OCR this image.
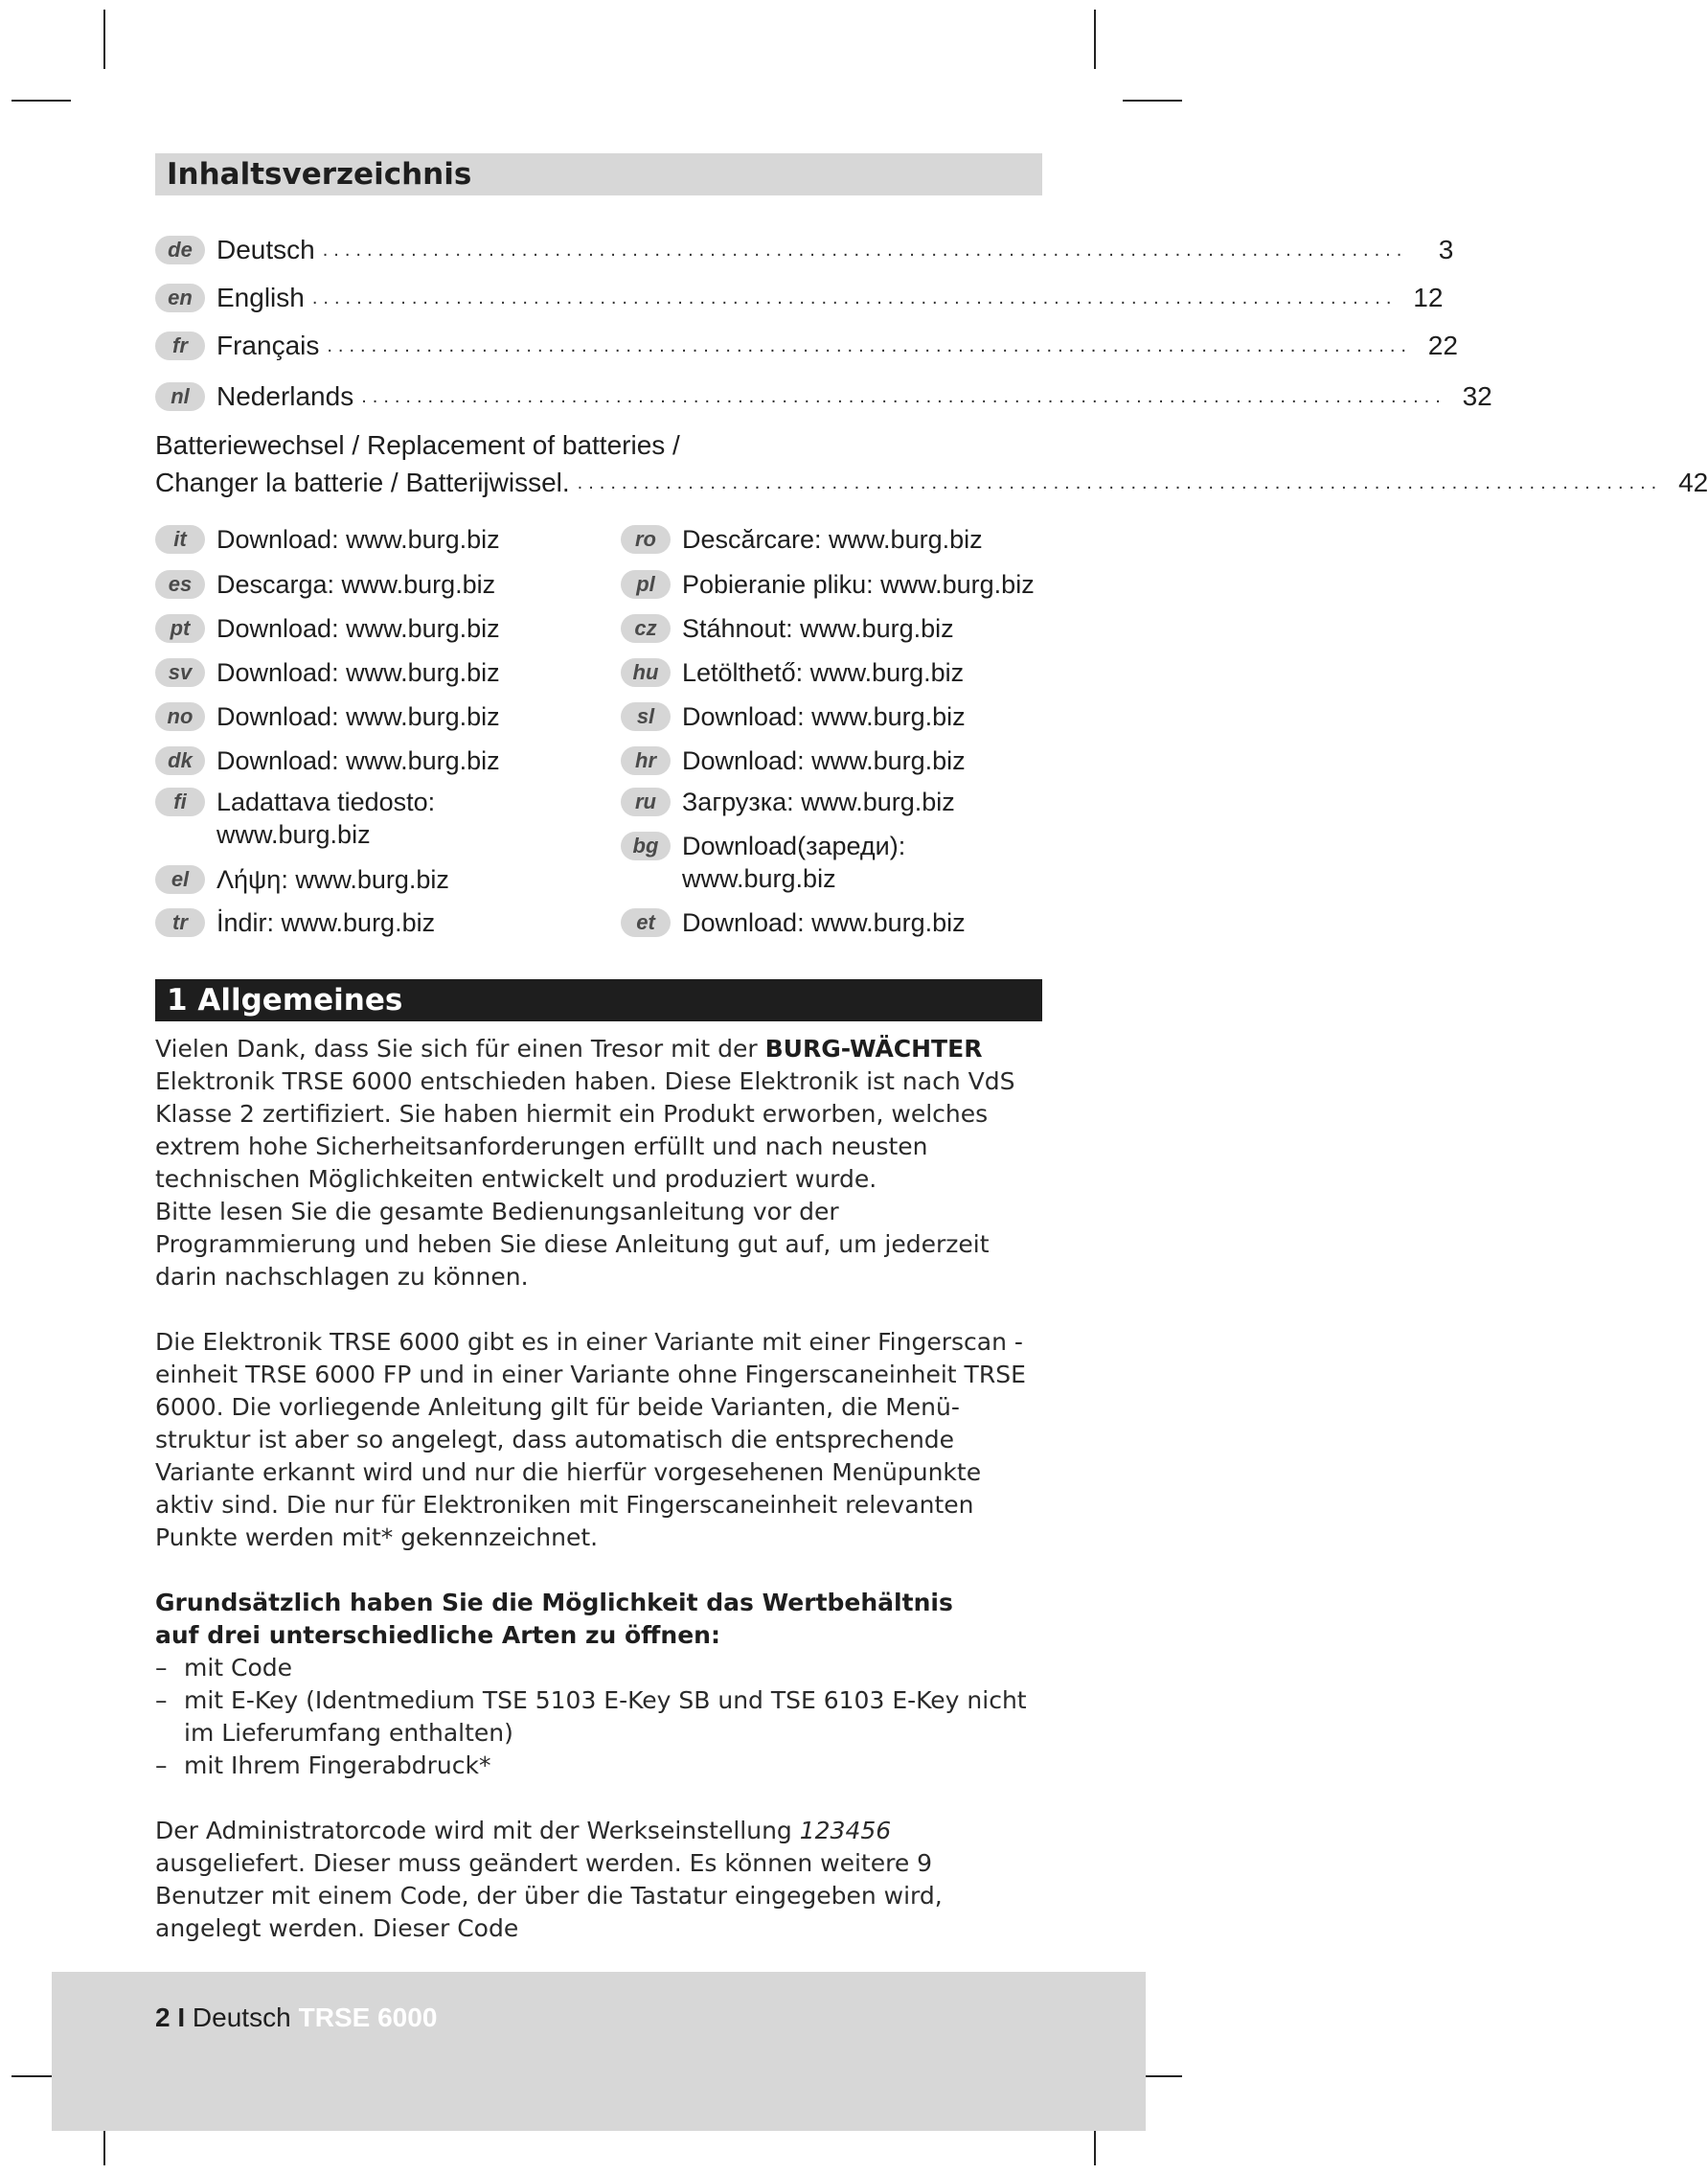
Inhaltsverzeichnis
de Deutsch ..................................................................................................	3
en English .................................................................................................. 12
fr	Français .................................................................................................. 22
nl	Nederlands .................................................................................................. 32
Batteriewechsel / Replacement of batteries /
Changer la batterie / Batterijwissel. .................................................................................................. 42
it	Download: www.burg.biz
es Descarga: www.burg.biz
pt	Download: www.burg.biz
sv Download: www.burg.biz
no Download: www.burg.biz
dk Download: www.burg.biz
fi	Ladattava tiedosto:
www.burg.biz
el	Λήψη: www.burg.biz
tr	İndir: www.burg.biz
ro	Descărcare: www.burg.biz
pl	Pobieranie pliku: www.burg.biz
cz Stáhnout: www.burg.biz
hu Letölthető: www.burg.biz
sl	Download: www.burg.biz
hr	Download: www.burg.biz
ru	Загрузка: www.burg.biz
bg Download(зареди):
www.burg.biz
et	Download: www.burg.biz
1 Allgemeines

Vielen Dank, dass Sie sich für einen Tresor mit der BURG-WÄCHTER Elektronik TRSE 6000 entschieden haben. Diese Elektronik ist nach VdS Klasse 2 zertifiziert. Sie haben hiermit ein Produkt erworben, welches extrem hohe Sicherheitsanforderungen erfüllt und nach neusten technischen Möglichkeiten entwickelt und produziert wurde.

Bitte lesen Sie die gesamte Bedienungsanleitung vor der Programmierung und heben Sie diese Anleitung gut auf, um jederzeit darin nachschlagen zu können.

Die Elektronik TRSE 6000 gibt es in einer Variante mit einer Fingerscan - einheit TRSE 6000 FP und in einer Variante ohne Fingerscaneinheit TRSE 6000. Die vorliegende Anleitung gilt für beide Varianten, die Menü- struktur ist aber so angelegt, dass automatisch die entsprechende Variante erkannt wird und nur die hierfür vorgesehenen Menüpunkte aktiv sind. Die nur für Elektroniken mit Fingerscaneinheit relevanten Punkte werden mit* gekennzeichnet.

Grundsätzlich haben Sie die Möglichkeit das Wertbehältnis
auf drei unterschiedliche Arten zu öffnen:

– mit Code
– mit E-Key (Identmedium TSE 5103 E-Key SB und TSE 6103 E-Key nicht im Lieferumfang enthalten)
– mit Ihrem Fingerabdruck*

Der Administratorcode wird mit der Werkseinstellung 123456 ausgeliefert. Dieser muss geändert werden. Es können weitere 9 Benutzer mit einem Code, der über die Tastatur eingegeben wird, angelegt werden. Dieser Code

2 I Deutsch TRSE 6000
